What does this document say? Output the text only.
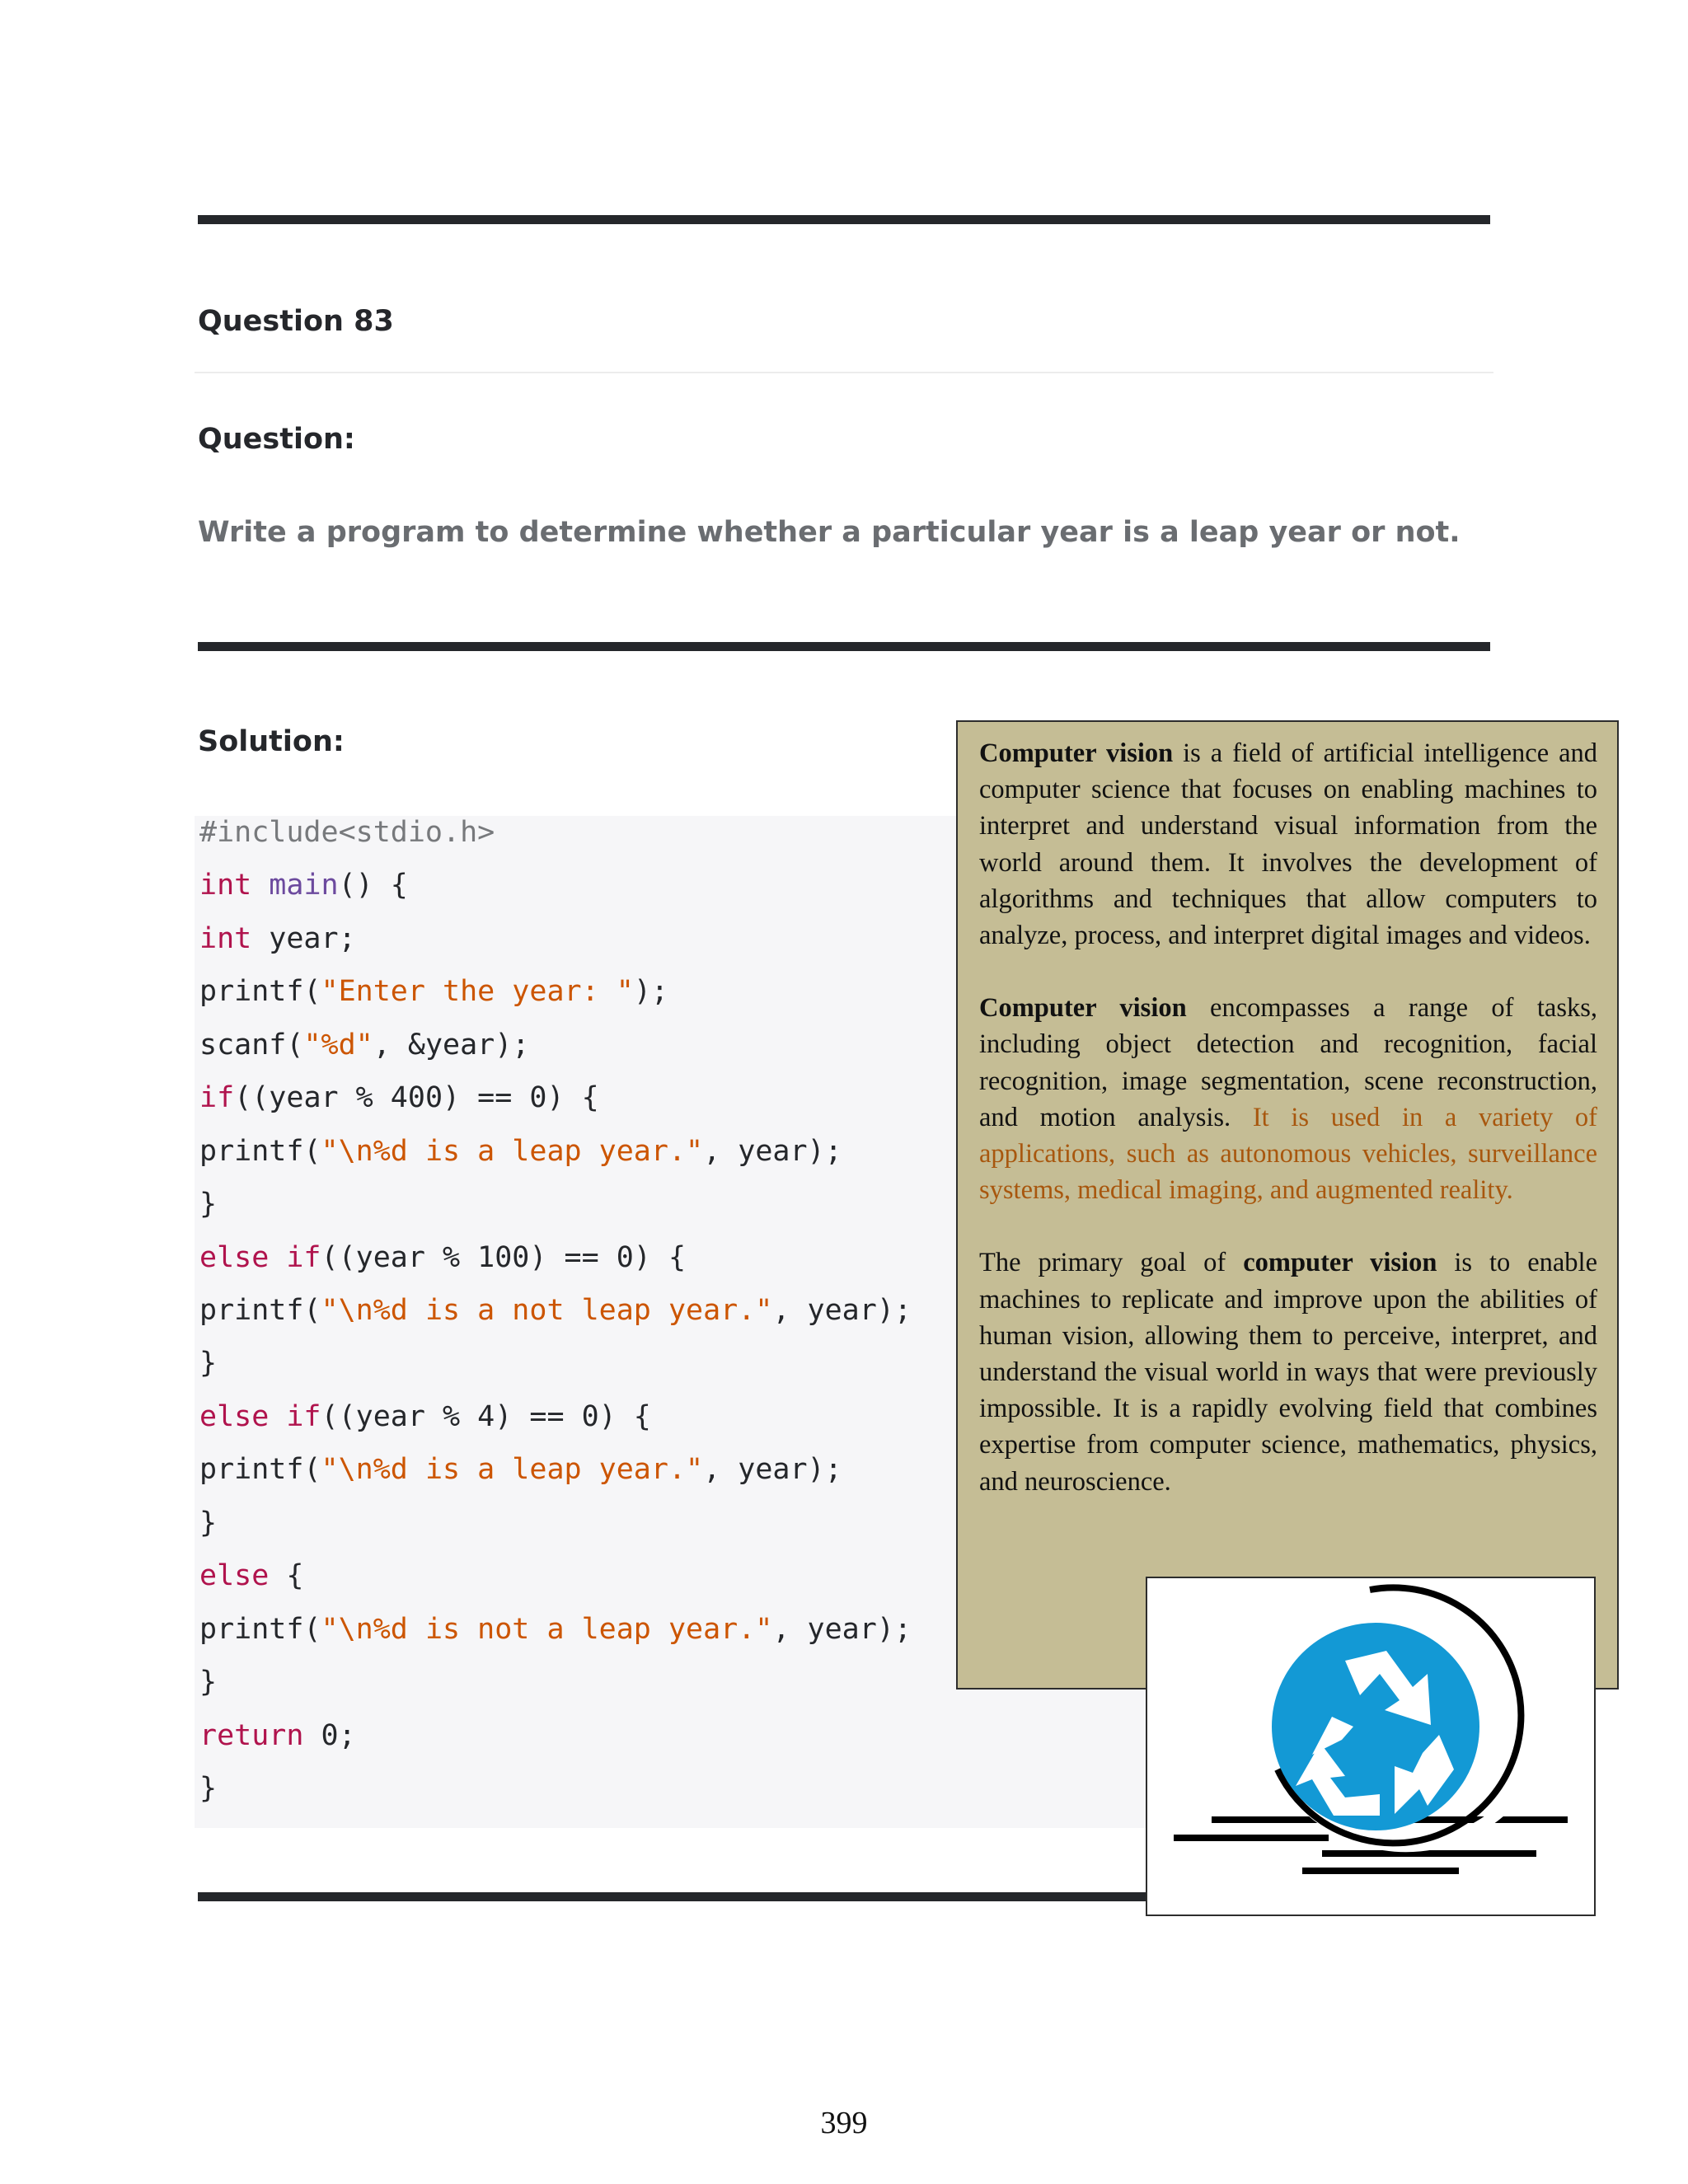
Question 83
Question:
Write a program to determine whether a particular year is a leap year or not.
Solution:
#include<stdio.h>
int main() {
int year;
printf("Enter the year: ");
scanf("%d", &year);
if((year % 400) == 0) {
printf("\n%d is a leap year.", year);
}
else if((year % 100) == 0) {
printf("\n%d is a not leap year.", year);
}
else if((year % 4) == 0) {
printf("\n%d is a leap year.", year);
}
else {
printf("\n%d is not a leap year.", year);
}
return 0;
}

Computer vision is a field of artificial intelligence and computer science that focuses on enabling machines to interpret and understand visual information from the world around them. It involves the development of algorithms and techniques that allow computers to analyze, process, and interpret digital images and videos.

Computer vision encompasses a range of tasks, including object detection and recognition, facial recognition, image segmentation, scene reconstruction, and motion analysis. It is used in a variety of applications, such as autonomous vehicles, surveillance systems, medical imaging, and augmented reality.

The primary goal of computer vision is to enable machines to replicate and improve upon the abilities of human vision, allowing them to perceive, interpret, and understand the visual world in ways that were previously impossible. It is a rapidly evolving field that combines expertise from computer science, mathematics, physics, and neuroscience.

399
